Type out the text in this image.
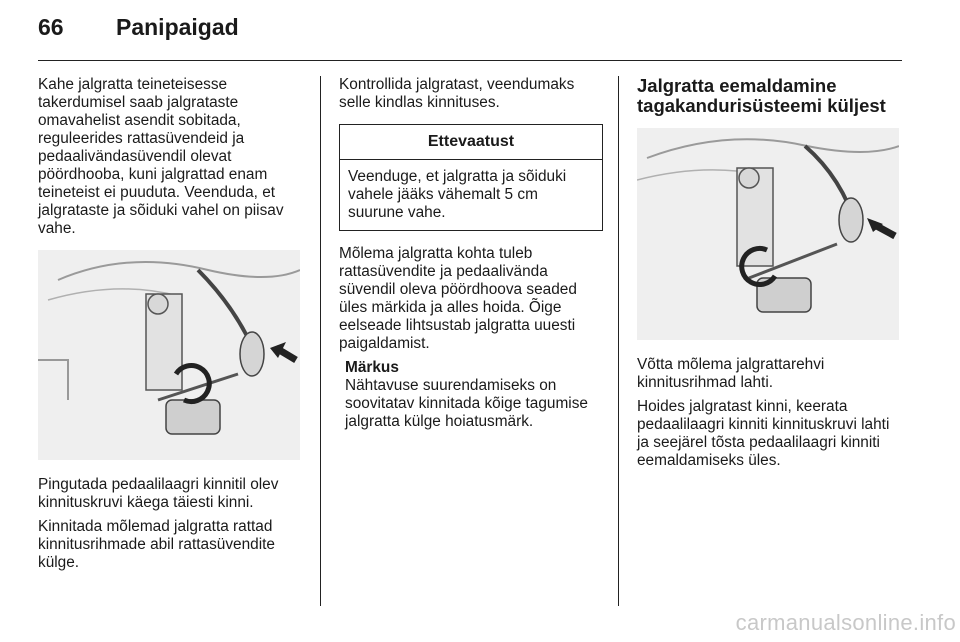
66	Panipaigad

Kahe jalgratta teineteisesse takerdumisel saab jalgrataste omavahelist asendit sobitada, reguleerides rattasüvendeid ja pedaalivändasüvendil olevat pöördhooba, kuni jalgrattad enam teineteist ei puuduta. Veenduda, et jalgrataste ja sõiduki vahel on piisav vahe.

Pingutada pedaalilaagri kinnitil olev kinnituskruvi käega täiesti kinni.

Kinnitada mõlemad jalgratta rattad kinnitusrihmade abil rattasüvendite külge.

Kontrollida jalgratast, veendumaks selle kindlas kinnituses.

Ettevaatust
Veenduge, et jalgratta ja sõiduki vahele jääks vähemalt 5 cm suurune vahe.

Mõlema jalgratta kohta tuleb rattasüvendite ja pedaalivända süvendil oleva pöördhoova seaded üles märkida ja alles hoida. Õige eelseade lihtsustab jalgratta uuesti paigaldamist.

Märkus

Nähtavuse suurendamiseks on soovitatav kinnitada kõige tagumise jalgratta külge hoiatusmärk.

Jalgratta eemaldamine tagakandurisüsteemi küljest

Võtta mõlema jalgrattarehvi kinnitusrihmad lahti.

Hoides jalgratast kinni, keerata pedaalilaagri kinniti kinnituskruvi lahti ja seejärel tõsta pedaalilaagri kinniti eemaldamiseks üles.

carmanualsonline.info
